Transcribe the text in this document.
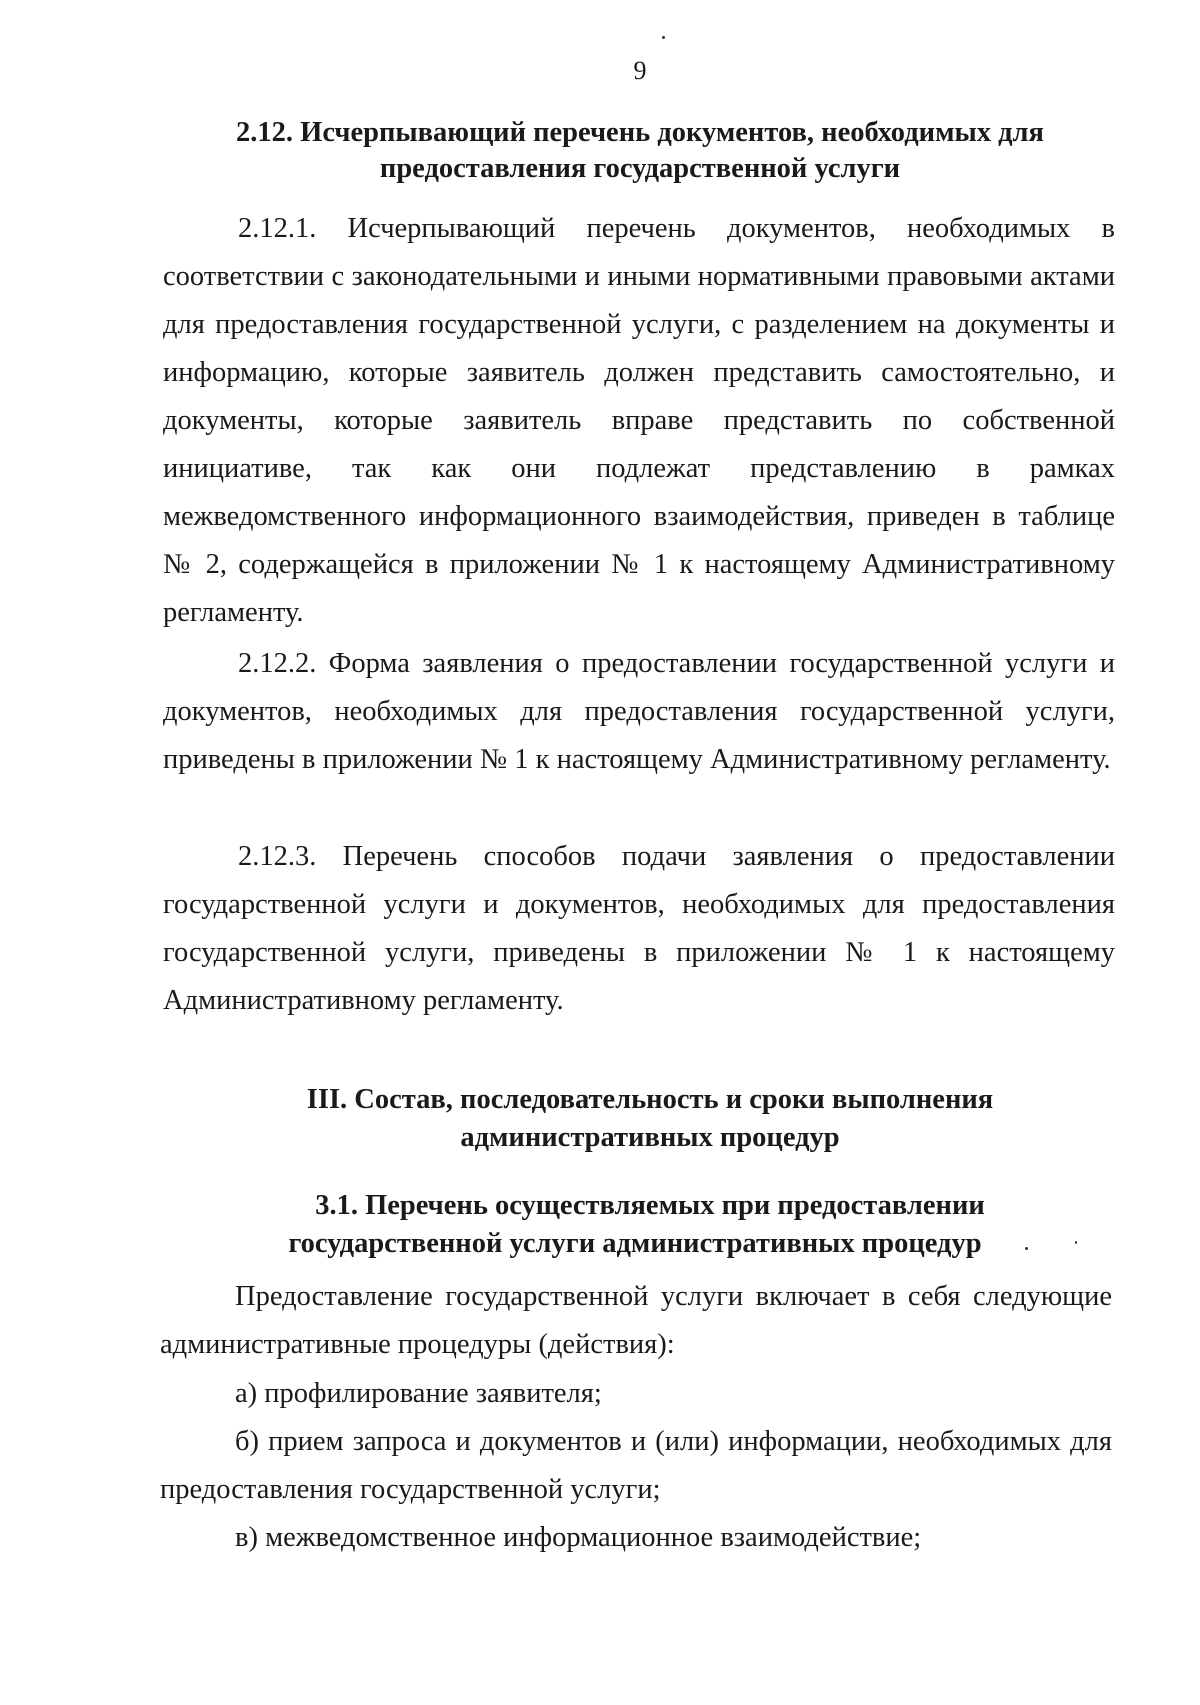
9
2.12. Исчерпывающий перечень документов, необходимых для
предоставления государственной услуги

2.12.1. Исчерпывающий перечень документов, необходимых в соответствии с законодательными и иными нормативными правовыми актами для предоставления государственной услуги, с разделением на документы и информацию, которые заявитель должен представить самостоятельно, и документы, которые заявитель вправе представить по собственной инициативе, так как они подлежат представлению в рамках межведомственного информационного взаимодействия, приведен в таблице № 2, содержащейся в приложении № 1 к настоящему Административному регламенту.

2.12.2. Форма заявления о предоставлении государственной услуги и документов, необходимых для предоставления государственной услуги, приведены в приложении № 1 к настоящему Административному регламенту.

2.12.3. Перечень способов подачи заявления о предоставлении государственной услуги и документов, необходимых для предоставления государственной услуги, приведены в приложении № 1 к настоящему Административному регламенту.

III. Состав, последовательность и сроки выполнения
административных процедур
3.1. Перечень осуществляемых при предоставлении
государственной услуги административных процедур

Предоставление государственной услуги включает в себя следующие административные процедуры (действия):

а) профилирование заявителя;

б) прием запроса и документов и (или) информации, необходимых для предоставления государственной услуги;

в) межведомственное информационное взаимодействие;
